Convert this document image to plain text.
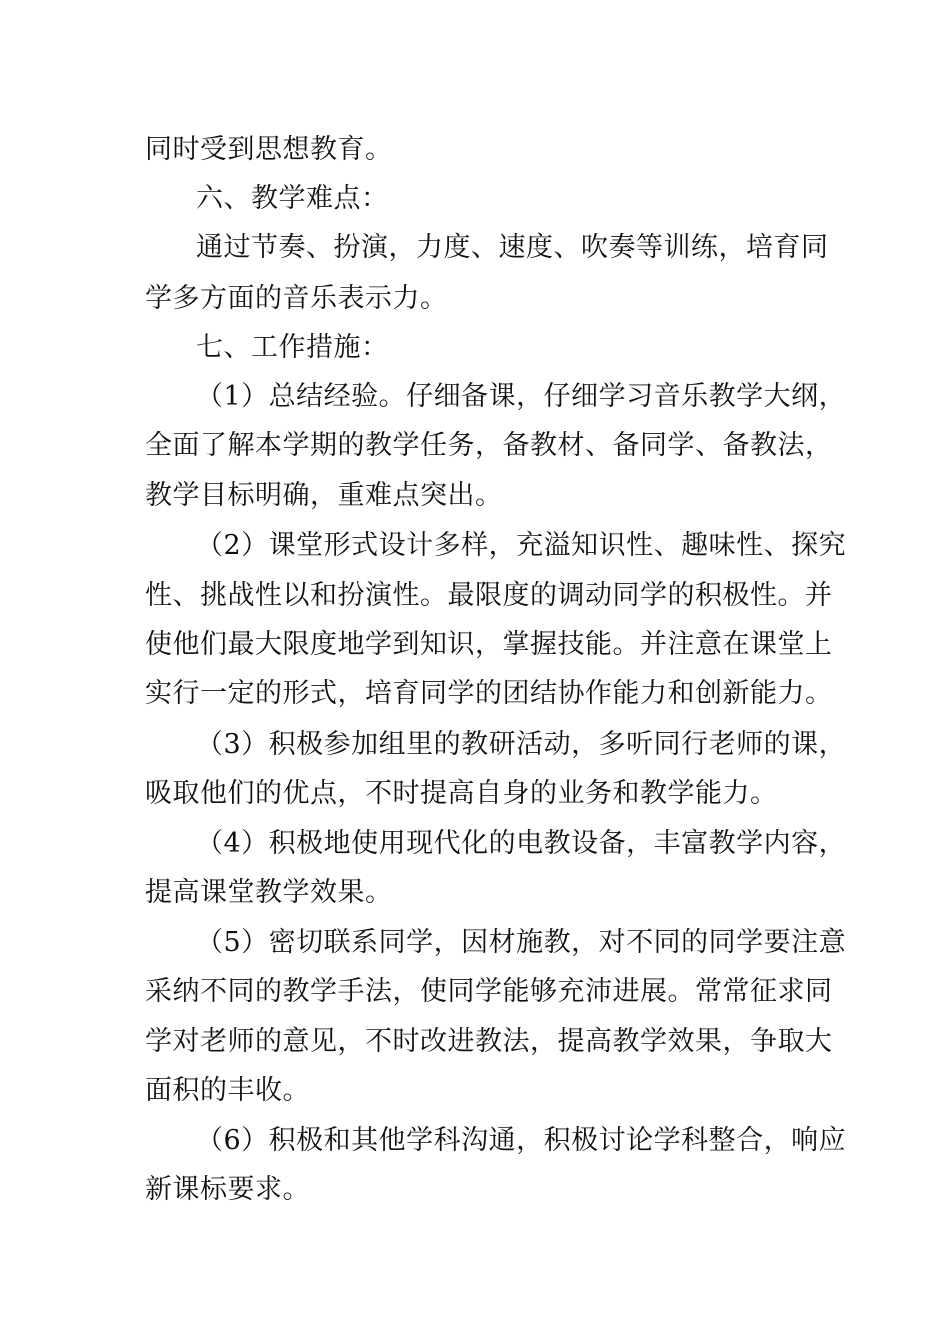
同时受到思想教育。
六、教学难点：
通过节奏、扮演，力度、速度、吹奏等训练，培育同
学多方面的音乐表示力。
七、工作措施：
（1）总结经验。仔细备课，仔细学习音乐教学大纲，
全面了解本学期的教学任务，备教材、备同学、备教法，
教学目标明确，重难点突出。
（2）课堂形式设计多样，充溢知识性、趣味性、探究
性、挑战性以和扮演性。最限度的调动同学的积极性。并
使他们最大限度地学到知识，掌握技能。并注意在课堂上
实行一定的形式，培育同学的团结协作能力和创新能力。
（3）积极参加组里的教研活动，多听同行老师的课，
吸取他们的优点，不时提高自身的业务和教学能力。
（4）积极地使用现代化的电教设备，丰富教学内容，
提高课堂教学效果。
（5）密切联系同学，因材施教，对不同的同学要注意
采纳不同的教学手法，使同学能够充沛进展。常常征求同
学对老师的意见，不时改进教法，提高教学效果，争取大
面积的丰收。
（6）积极和其他学科沟通，积极讨论学科整合，响应
新课标要求。
